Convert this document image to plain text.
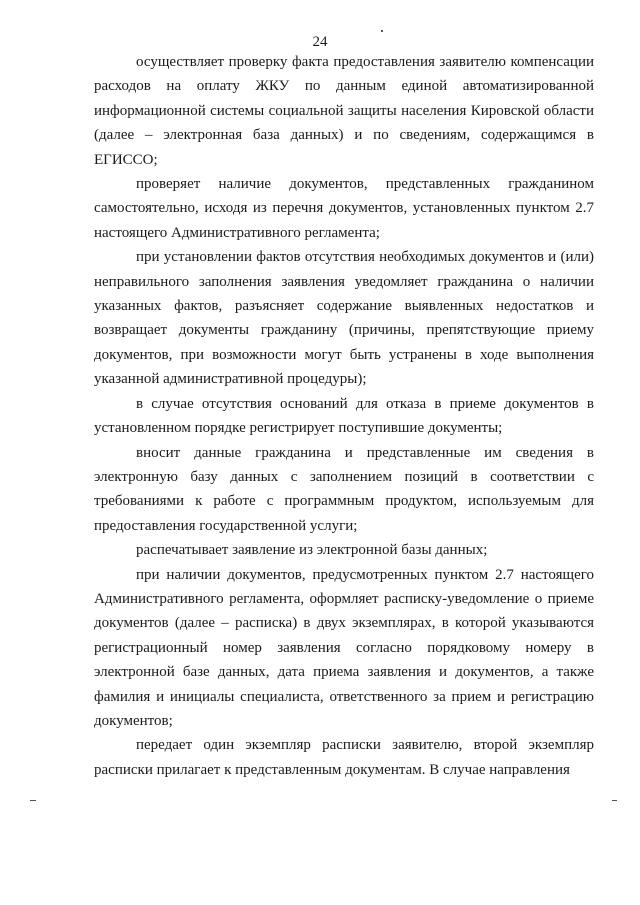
24

осуществляет проверку факта предоставления заявителю компенсации расходов на оплату ЖКУ по данным единой автоматизированной информационной системы социальной защиты населения Кировской области (далее – электронная база данных) и по сведениям, содержащимся в ЕГИССО;

проверяет наличие документов, представленных гражданином самостоятельно, исходя из перечня документов, установленных пунктом 2.7 настоящего Административного регламента;

при установлении фактов отсутствия необходимых документов и (или) неправильного заполнения заявления уведомляет гражданина о наличии указанных фактов, разъясняет содержание выявленных недостатков и возвращает документы гражданину (причины, препятствующие приему документов, при возможности могут быть устранены в ходе выполнения указанной административной процедуры);

в случае отсутствия оснований для отказа в приеме документов в установленном порядке регистрирует поступившие документы;

вносит данные гражданина и представленные им сведения в электронную базу данных с заполнением позиций в соответствии с требованиями к работе с программным продуктом, используемым для предоставления государственной услуги;

распечатывает заявление из электронной базы данных;

при наличии документов, предусмотренных пунктом 2.7 настоящего Административного регламента, оформляет расписку-уведомление о приеме документов (далее – расписка) в двух экземплярах, в которой указываются регистрационный номер заявления согласно порядковому номеру в электронной базе данных, дата приема заявления и документов, а также фамилия и инициалы специалиста, ответственного за прием и регистрацию документов;

передает один экземпляр расписки заявителю, второй экземпляр расписки прилагает к представленным документам. В случае направления
